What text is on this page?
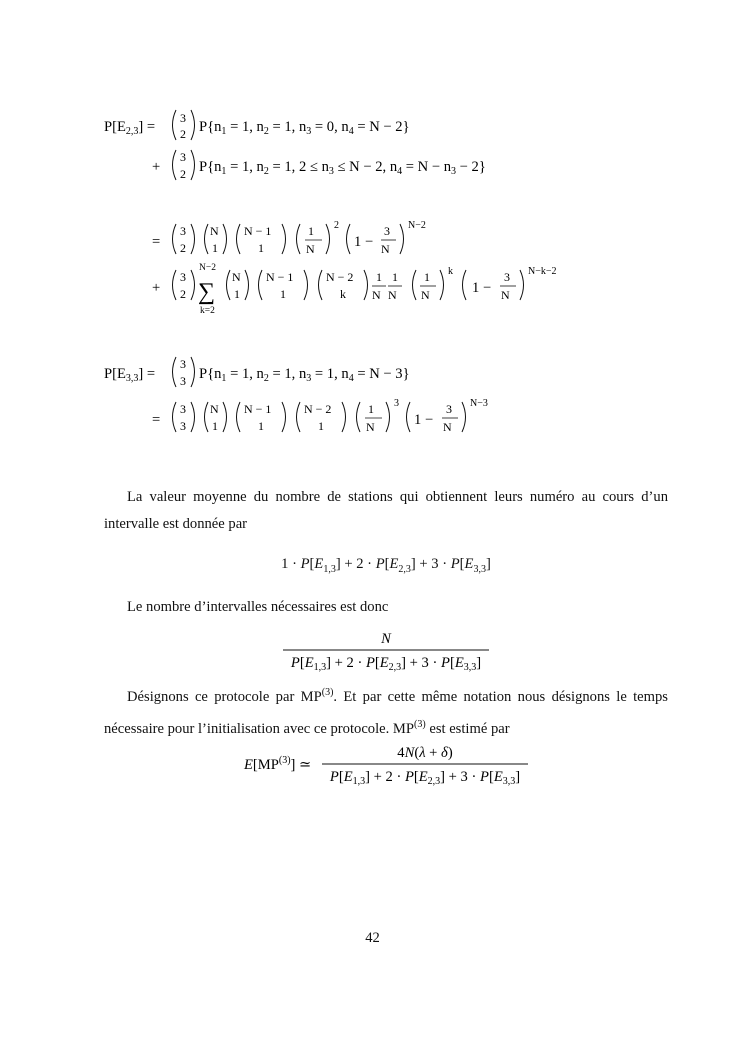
$P[E_{2,3}]$ =
3
2 $P\{n_1 = 1$, $n_2 = 1$, $n_3 = 0$, $n_4 = N - 2$}
+
3
2 $P\{n_1 = 1$, $n_2 = 1$, $2 \le n_3 \le N - 2$, $n_4 = N - n_3 - 2$}
=
3
2
N
1
N − 1
1
1
N
2
1 −
3
N
N−2
+
3
2
N−2
∑
k=2
N
1
N − 1
1
N − 2
k
1
N
1
N
1
N
k
1 −
3
N
N−k−2
$P[E_{3,3}]$ =
3
3 $P\{n_1 = 1$, $n_2 = 1$, $n_3 = 1$, $n_4 = N - 3$}
=
3
3
N
1
N − 1
1
N − 2
1
1
N
3
1 −
3
N
N−3
La valeur moyenne du nombre de stations qui obtiennent leurs numéro au cours d’un intervalle est donnée par
$1 \cdot P[E_{1,3}] + 2 \cdot P[E_{2,3}] + 3 \cdot P[E_{3,3}]$
Le nombre d’intervalles nécessaires est donc
N
$P[E_{1,3}] + 2 \cdot P[E_{2,3}] + 3 \cdot P[E_{3,3}]$
Désignons ce protocole par MP$^{(3)}$. Et par cette même notation nous désignons le temps nécessaire pour l’initialisation avec ce protocole. MP$^{(3)}$ est estimé par
E[MP$^{(3)}$] ≃
4N(λ + δ)
$P[E_{1,3}] + 2 \cdot P[E_{2,3}] + 3 \cdot P[E_{3,3}]$
42
